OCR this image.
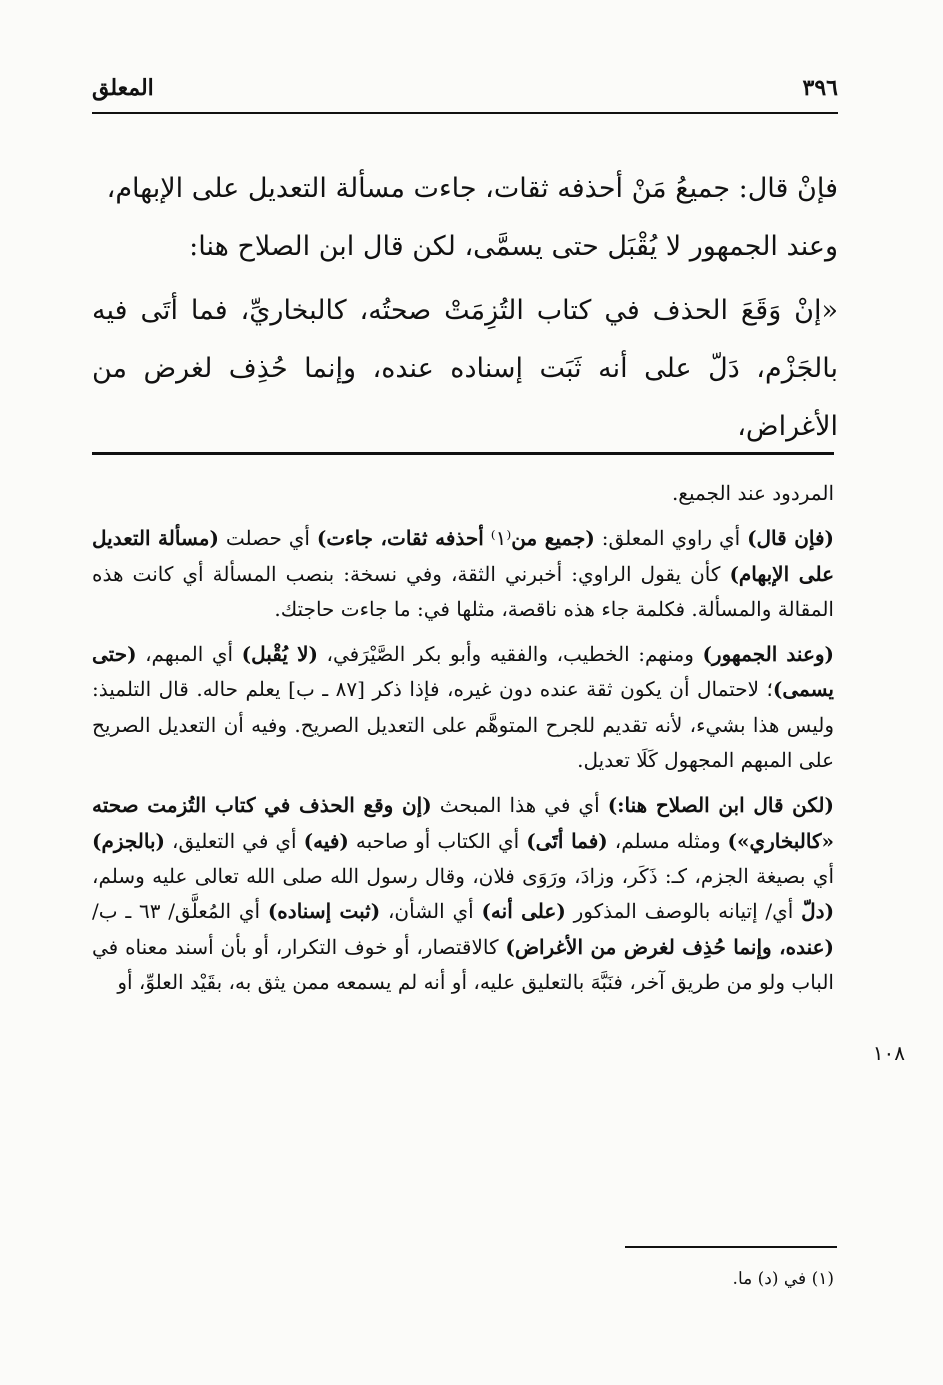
٣٩٦
المعلق

فإنْ قال: جميعُ مَنْ أحذفه ثقات، جاءت مسألة التعديل على الإبهام،

وعند الجمهور لا يُقْبَل حتى يسمَّى، لكن قال ابن الصلاح هنا:

«إنْ وَقَعَ الحذف في كتاب التُزِمَتْ صحتُه، كالبخاريِّ، فما أتَى فيه بالجَزْم، دَلّ على أنه ثَبَت إسناده عنده، وإنما حُذِف لغرض من الأغراض،

المردود عند الجميع.

(فإن قال) أي راوي المعلق: (جميع من⁽١⁾ أحذفه ثقات، جاءت) أي حصلت (مسألة التعديل على الإبهام) كأن يقول الراوي: أخبرني الثقة، وفي نسخة: بنصب المسألة أي كانت هذه المقالة والمسألة. فكلمة جاء هذه ناقصة، مثلها في: ما جاءت حاجتك.

(وعند الجمهور) ومنهم: الخطيب، والفقيه وأبو بكر الصَّيْرَفي، (لا يُقْبل) أي المبهم، (حتى يسمى)؛ لاحتمال أن يكون ثقة عنده دون غيره، فإذا ذكر [٨٧ ـ ب] يعلم حاله. قال التلميذ: وليس هذا بشيء، لأنه تقديم للجرح المتوهَّم على التعديل الصريح. وفيه أن التعديل الصريح على المبهم المجهول كَلَا تعديل.

(لكن قال ابن الصلاح هنا:) أي في هذا المبحث (إن وقع الحذف في كتاب التُزمت صحته «كالبخاري») ومثله مسلم، (فما أتَى) أي الكتاب أو صاحبه (فيه) أي في التعليق، (بالجزم) أي بصيغة الجزم، كـ: ذَكَر، وزادَ، ورَوَى فلان، وقال رسول الله صلى الله تعالى عليه وسلم، (دلّ أي/ إتيانه بالوصف المذكور (على أنه) أي الشأن، (ثبت إسناده) أي المُعلَّق/ ٦٣ ـ ب/ (عنده، وإنما حُذِف لغرض من الأغراض) كالاقتصار، أو خوف التكرار، أو بأن أسند معناه في الباب ولو من طريق آخر، فنَبَّهَ بالتعليق عليه، أو أنه لم يسمعه ممن يثق به، بقَيْد العلوِّ، أو

١٠٨
(١) في (د) ما.
